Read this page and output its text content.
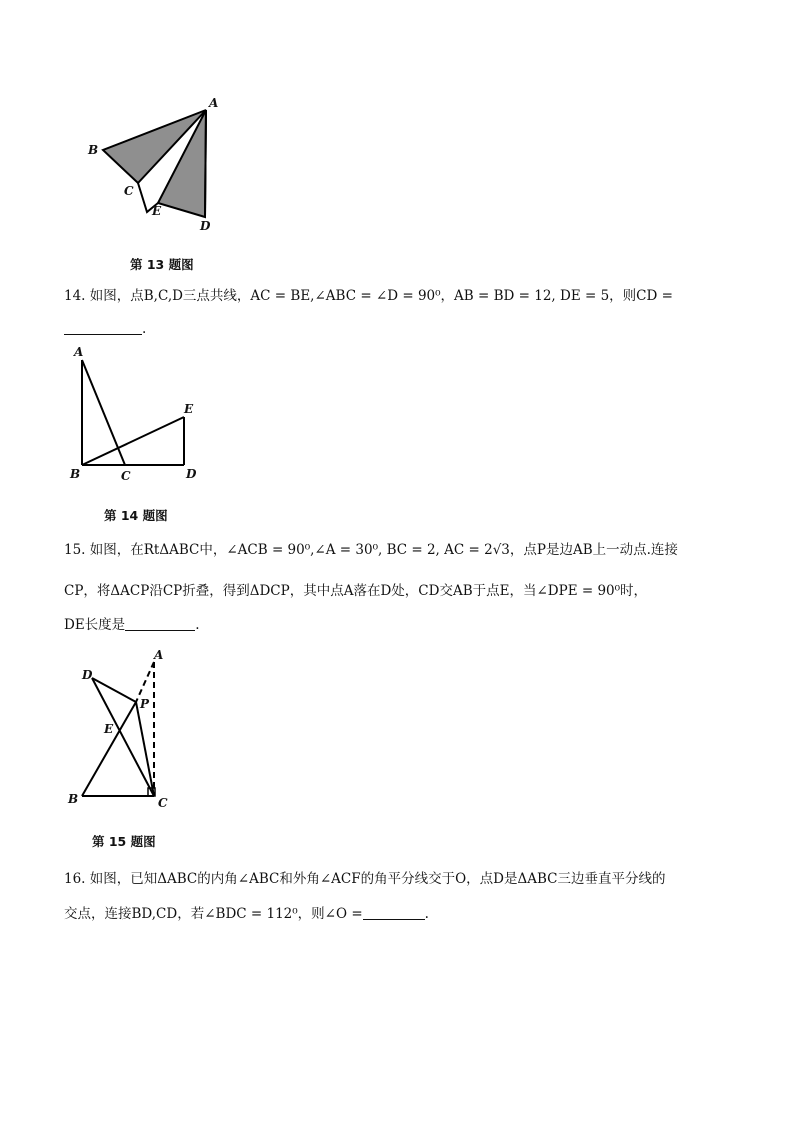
A
B
C
E
D
第 13 题图
14. 如图，点B,C,D三点共线，AC = BE,∠ABC = ∠D = 90⁰，AB = BD = 12, DE = 5，则CD =
.
A
E
B	C	D
第 14 题图
15. 如图，在RtΔABC中，∠ACB = 90⁰,∠A = 30⁰, BC = 2, AC = 2√3，点P是边AB上一动点.连接
CP，将ΔACP沿CP折叠，得到ΔDCP，其中点A落在D处，CD交AB于点E，当∠DPE = 90⁰时，
DE长度是	.
A
D
P
E
B	C
第 15 题图
16. 如图，已知ΔABC的内角∠ABC和外角∠ACF的角平分线交于O，点D是ΔABC三边垂直平分线的
交点，连接BD,CD，若∠BDC = 112⁰，则∠O =	.
